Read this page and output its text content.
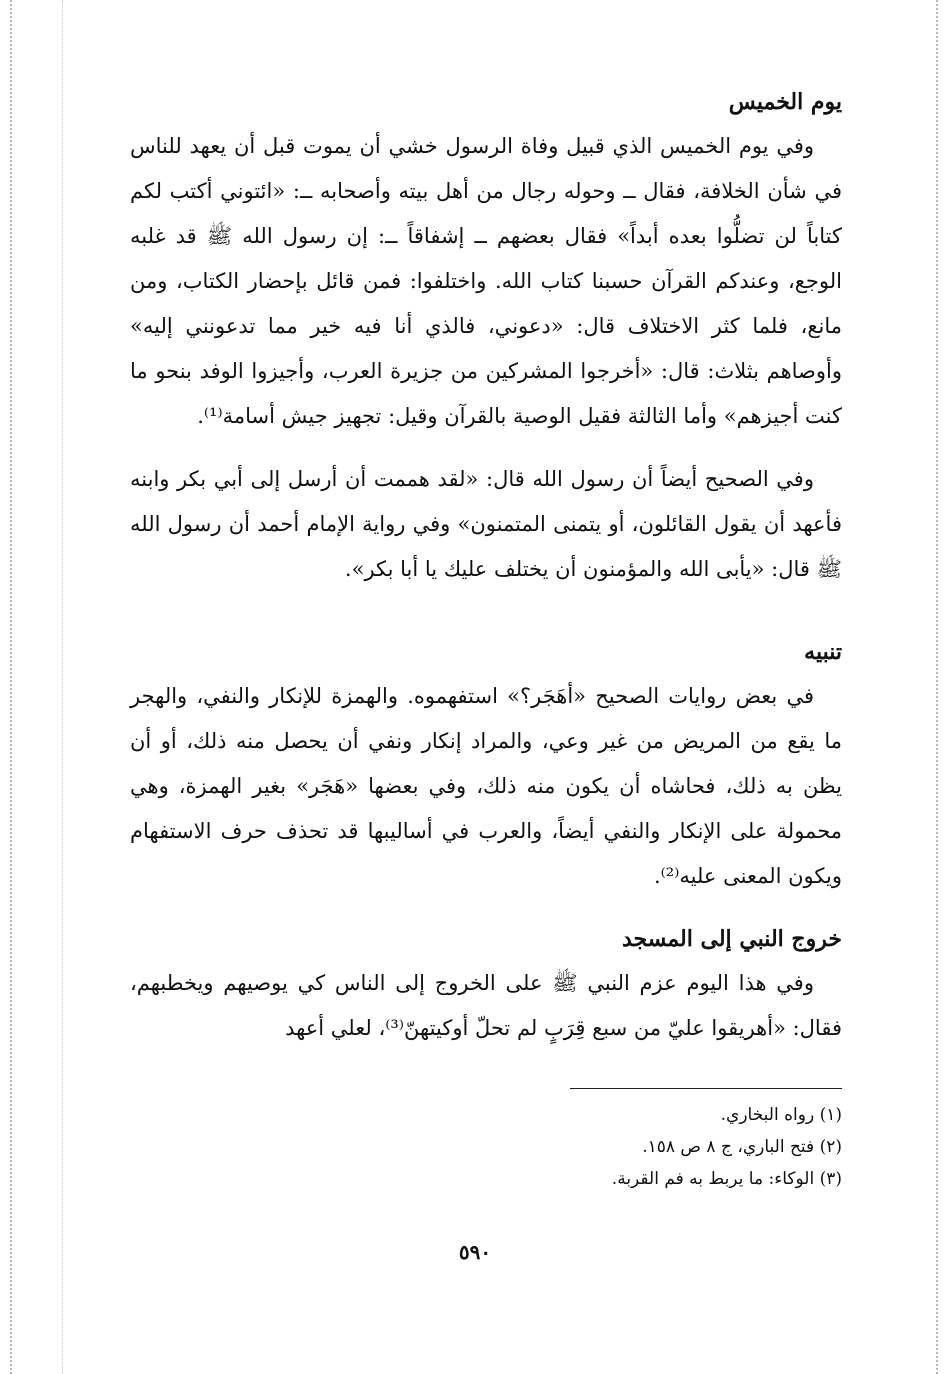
يوم الخميس

وفي يوم الخميس الذي قبيل وفاة الرسول خشي أن يموت قبل أن يعهد للناس في شأن الخلافة، فقال ــ وحوله رجال من أهل بيته وأصحابه ــ: «ائتوني أكتب لكم كتاباً لن تضلُّوا بعده أبداً» فقال بعضهم ــ إشفاقاً ــ: إن رسول الله ﷺ قد غلبه الوجع، وعندكم القرآن حسبنا كتاب الله. واختلفوا: فمن قائل بإحضار الكتاب، ومن مانع، فلما كثر الاختلاف قال: «دعوني، فالذي أنا فيه خير مما تدعونني إليه» وأوصاهم بثلاث: قال: «أخرجوا المشركين من جزيرة العرب، وأجيزوا الوفد بنحو ما كنت أجيزهم» وأما الثالثة فقيل الوصية بالقرآن وقيل: تجهيز جيش أسامة⁽¹⁾.

وفي الصحيح أيضاً أن رسول الله قال: «لقد هممت أن أرسل إلى أبي بكر وابنه فأعهد أن يقول القائلون، أو يتمنى المتمنون» وفي رواية الإمام أحمد أن رسول الله ﷺ قال: «يأبى الله والمؤمنون أن يختلف عليك يا أبا بكر».

تنبيه

في بعض روايات الصحيح «أهَجَر؟» استفهموه. والهمزة للإنكار والنفي، والهجر ما يقع من المريض من غير وعي، والمراد إنكار ونفي أن يحصل منه ذلك، أو أن يظن به ذلك، فحاشاه أن يكون منه ذلك، وفي بعضها «هَجَر» بغير الهمزة، وهي محمولة على الإنكار والنفي أيضاً، والعرب في أساليبها قد تحذف حرف الاستفهام ويكون المعنى عليه⁽²⁾.

خروج النبي إلى المسجد

وفي هذا اليوم عزم النبي ﷺ على الخروج إلى الناس كي يوصيهم ويخطبهم، فقال: «أهريقوا عليّ من سبع قِرَبٍ لم تحلّ أوكيتهنّ⁽³⁾، لعلي أعهد

(١) رواه البخاري.
(٢) فتح الباري، ج ٨ ص ١٥٨.
(٣) الوكاء: ما يربط به فم القربة.
٥٩٠
